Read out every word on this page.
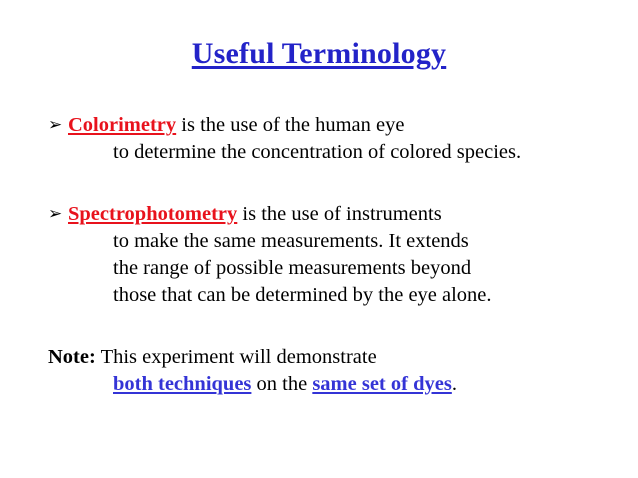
Useful Terminology
➢ Colorimetry is the use of the human eye
to determine the concentration of colored species.
➢ Spectrophotometry is the use of instruments
to make the same measurements. It extends
the range of possible measurements beyond
those that can be determined by the eye alone.
Note: This experiment will demonstrate
both techniques on the same set of dyes.
